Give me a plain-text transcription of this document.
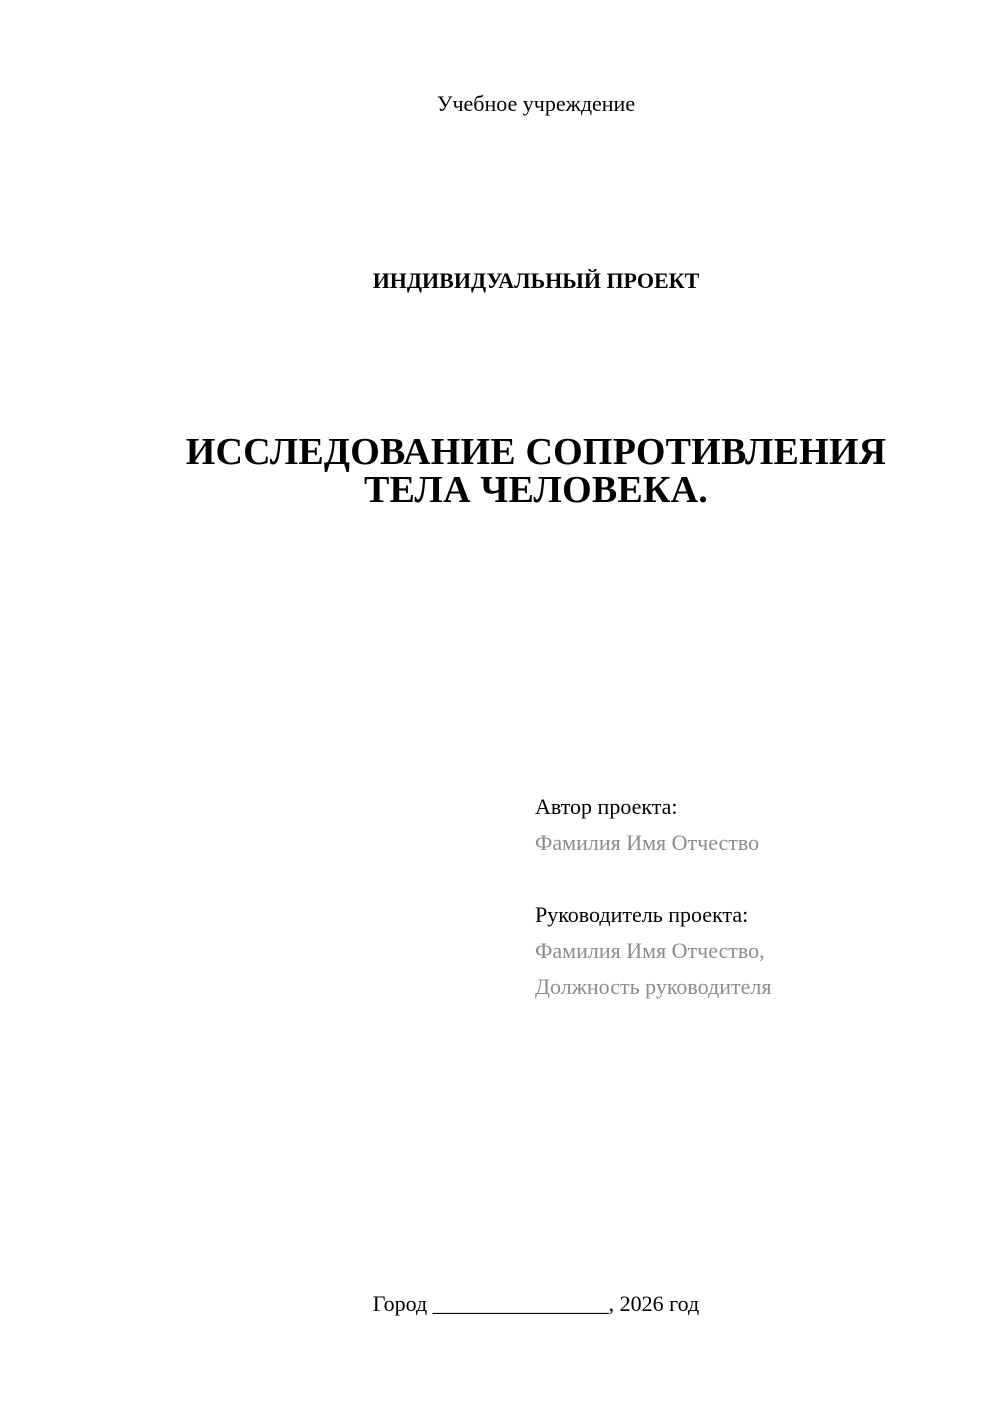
Учебное учреждение

ИНДИВИДУАЛЬНЫЙ ПРОЕКТ

ИССЛЕДОВАНИЕ СОПРОТИВЛЕНИЯ
ТЕЛА ЧЕЛОВЕКА.
Автор проекта:
Фамилия Имя Отчество
Руководитель проекта:
Фамилия Имя Отчество,
Должность руководителя

Город ________________, 2026 год
